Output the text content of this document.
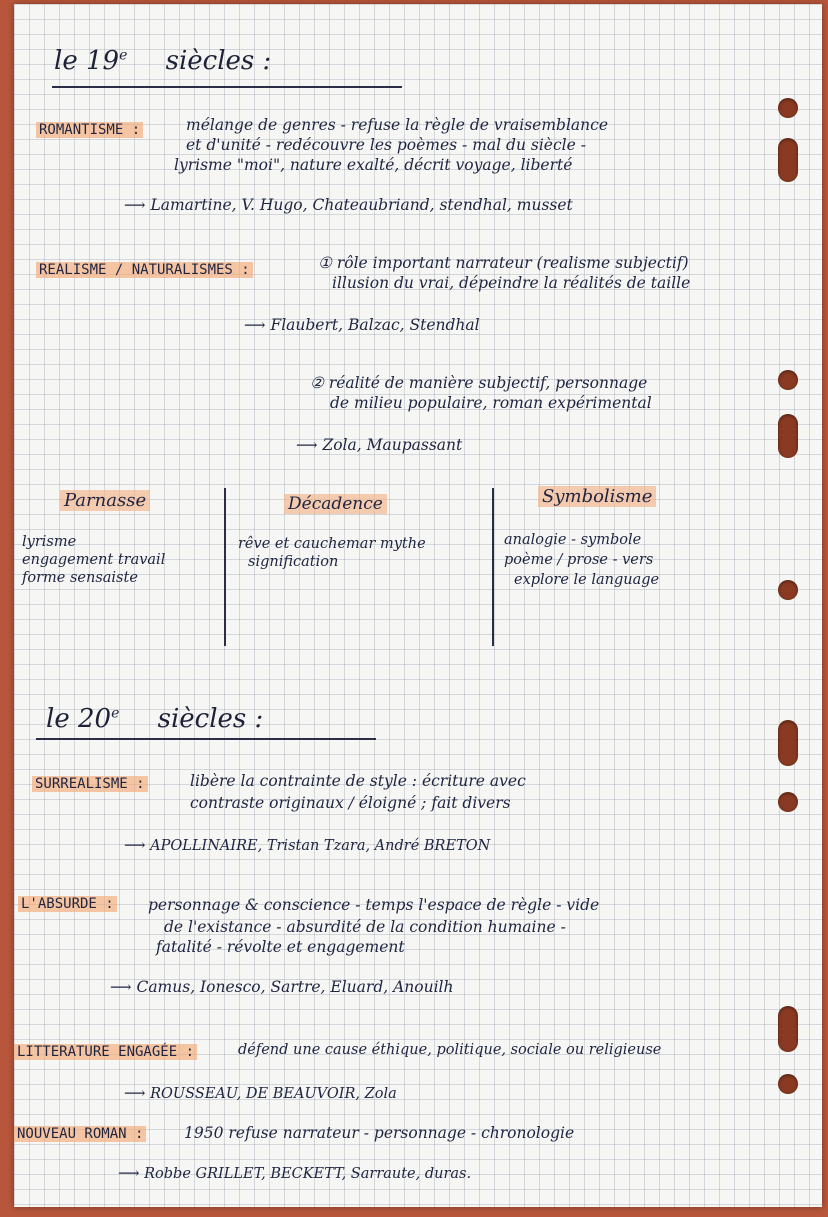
le 19e siècles :
ROMANTISME :	mélange de genres - refuse la règle de vraisemblance
et d'unité - redécouvre les poèmes - mal du siècle -
lyrisme "moi", nature exalté, décrit voyage, liberté
⟶ Lamartine, V. Hugo, Chateaubriand, stendhal, musset
REALISME / NATURALISMES :	① rôle important narrateur (realisme subjectif)
illusion du vrai, dépeindre la réalités de taille
⟶ Flaubert, Balzac, Stendhal
② réalité de manière subjectif, personnage
de milieu populaire, roman expérimental
⟶ Zola, Maupassant
Parnasse
lyrisme
engagement travail
forme sensaiste
Décadence
rêve et cauchemar mythe
signification
Symbolisme
analogie - symbole
poème / prose - vers
explore le language
le 20e siècles :
SURREALISME :	libère la contrainte de style : écriture avec
contraste originaux / éloigné ; fait divers
⟶ APOLLINAIRE, Tristan Tzara, André BRETON
L'ABSURDE : personnage & conscience - temps l'espace de règle - vide
de l'existance - absurdité de la condition humaine -
fatalité - révolte et engagement
⟶ Camus, Ionesco, Sartre, Eluard, Anouilh
LITTERATURE ENGAGÉE :	défend une cause éthique, politique, sociale ou religieuse
⟶ ROUSSEAU, DE BEAUVOIR, Zola
NOUVEAU ROMAN :	1950 refuse narrateur - personnage - chronologie
⟶ Robbe GRILLET, BECKETT, Sarraute, duras.
